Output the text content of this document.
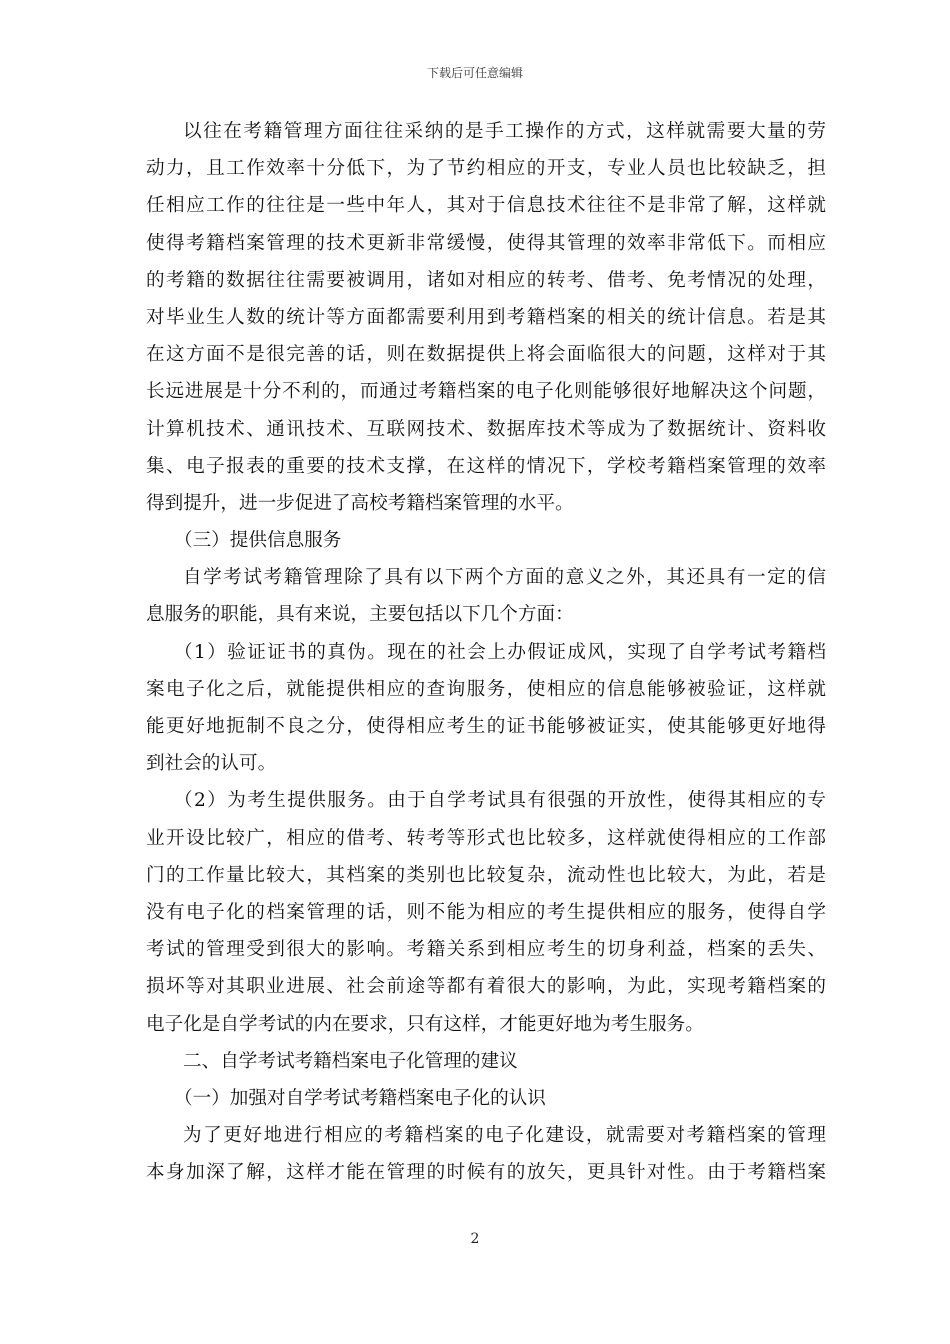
下载后可任意编辑
以往在考籍管理方面往往采纳的是手工操作的方式，这样就需要大量的劳
动力，且工作效率十分低下，为了节约相应的开支，专业人员也比较缺乏，担
任相应工作的往往是一些中年人，其对于信息技术往往不是非常了解，这样就
使得考籍档案管理的技术更新非常缓慢，使得其管理的效率非常低下。而相应
的考籍的数据往往需要被调用，诸如对相应的转考、借考、免考情况的处理，
对毕业生人数的统计等方面都需要利用到考籍档案的相关的统计信息。若是其
在这方面不是很完善的话，则在数据提供上将会面临很大的问题，这样对于其
长远进展是十分不利的，而通过考籍档案的电子化则能够很好地解决这个问题，
计算机技术、通讯技术、互联网技术、数据库技术等成为了数据统计、资料收
集、电子报表的重要的技术支撑，在这样的情况下，学校考籍档案管理的效率
得到提升，进一步促进了高校考籍档案管理的水平。
（三）提供信息服务
自学考试考籍管理除了具有以下两个方面的意义之外，其还具有一定的信
息服务的职能，具有来说，主要包括以下几个方面：
（1）验证证书的真伪。现在的社会上办假证成风，实现了自学考试考籍档
案电子化之后，就能提供相应的查询服务，使相应的信息能够被验证，这样就
能更好地扼制不良之分，使得相应考生的证书能够被证实，使其能够更好地得
到社会的认可。
（2）为考生提供服务。由于自学考试具有很强的开放性，使得其相应的专
业开设比较广，相应的借考、转考等形式也比较多，这样就使得相应的工作部
门的工作量比较大，其档案的类别也比较复杂，流动性也比较大，为此，若是
没有电子化的档案管理的话，则不能为相应的考生提供相应的服务，使得自学
考试的管理受到很大的影响。考籍关系到相应考生的切身利益，档案的丢失、
损坏等对其职业进展、社会前途等都有着很大的影响，为此，实现考籍档案的
电子化是自学考试的内在要求，只有这样，才能更好地为考生服务。
二、自学考试考籍档案电子化管理的建议
（一）加强对自学考试考籍档案电子化的认识
为了更好地进行相应的考籍档案的电子化建设，就需要对考籍档案的管理
本身加深了解，这样才能在管理的时候有的放矢，更具针对性。由于考籍档案
2
